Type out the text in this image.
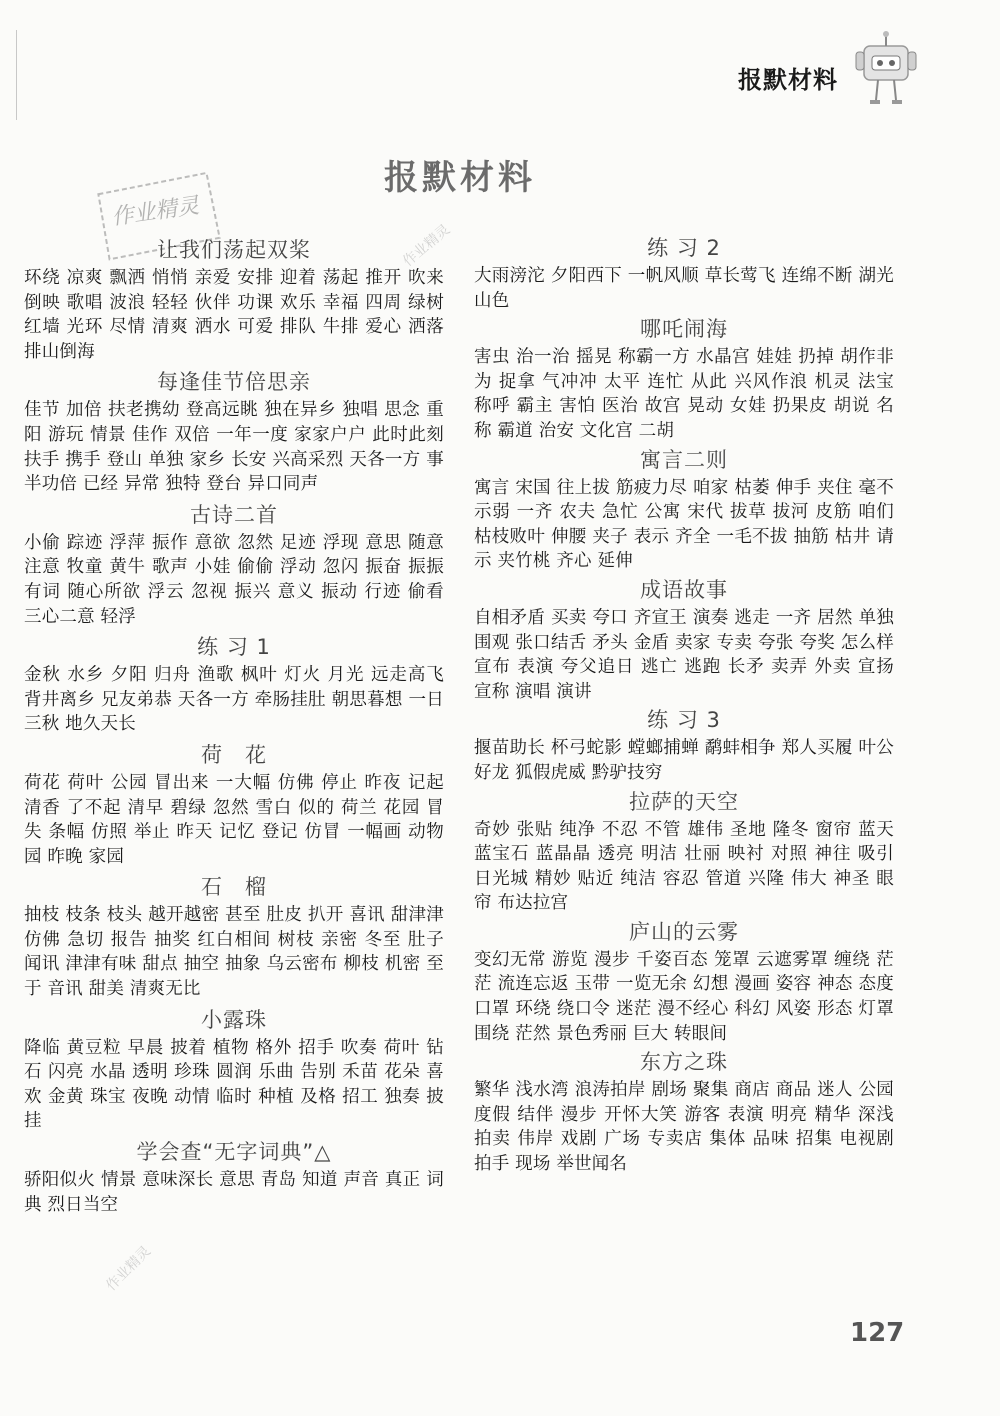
报默材料
报默材料
作业精灵
作业精灵
作业精灵
让我们荡起双桨
环绕 凉爽 飘洒 悄悄 亲爱 安排 迎着 荡起 推开 吹来 倒映 歌唱 波浪 轻轻 伙伴 功课 欢乐 幸福 四周 绿树红墙 光环 尽情 清爽 洒水 可爱 排队 牛排 爱心 洒落 排山倒海
每逢佳节倍思亲
佳节 加倍 扶老携幼 登高远眺 独在异乡 独唱 思念 重阳 游玩 情景 佳作 双倍 一年一度 家家户户 此时此刻 扶手 携手 登山 单独 家乡 长安 兴高采烈 天各一方 事半功倍 已经 异常 独特 登台 异口同声
古诗二首
小偷 踪迹 浮萍 振作 意欲 忽然 足迹 浮现 意思 随意 注意 牧童 黄牛 歌声 小娃 偷偷 浮动 忽闪 振奋 振振有词 随心所欲 浮云 忽视 振兴 意义 振动 行迹 偷看 三心二意 轻浮
练 习 1
金秋 水乡 夕阳 归舟 渔歌 枫叶 灯火 月光 远走高飞 背井离乡 兄友弟恭 天各一方 牵肠挂肚 朝思暮想 一日三秋 地久天长
荷　花
荷花 荷叶 公园 冒出来 一大幅 仿佛 停止 昨夜 记起 清香 了不起 清早 碧绿 忽然 雪白 似的 荷兰 花园 冒失 条幅 仿照 举止 昨天 记忆 登记 仿冒 一幅画 动物园 昨晚 家园
石　榴
抽枝 枝条 枝头 越开越密 甚至 肚皮 扒开 喜讯 甜津津 仿佛 急切 报告 抽奖 红白相间 树枝 亲密 冬至 肚子 闻讯 津津有味 甜点 抽空 抽象 乌云密布 柳枝 机密 至于 音讯 甜美 清爽无比
小露珠
降临 黄豆粒 早晨 披着 植物 格外 招手 吹奏 荷叶 钻石 闪亮 水晶 透明 珍珠 圆润 乐曲 告别 禾苗 花朵 喜欢 金黄 珠宝 夜晚 动情 临时 种植 及格 招工 独奏 披挂
学会查“无字词典”△
骄阳似火 情景 意味深长 意思 青岛 知道 声音 真正 词典 烈日当空
练 习 2
大雨滂沱 夕阳西下 一帆风顺 草长莺飞 连绵不断 湖光山色
哪吒闹海
害虫 治一治 摇晃 称霸一方 水晶宫 娃娃 扔掉 胡作非为 捉拿 气冲冲 太平 连忙 从此 兴风作浪 机灵 法宝 称呼 霸主 害怕 医治 故宫 晃动 女娃 扔果皮 胡说 名称 霸道 治安 文化宫 二胡
寓言二则
寓言 宋国 往上拔 筋疲力尽 咱家 枯萎 伸手 夹住 毫不示弱 一齐 农夫 急忙 公寓 宋代 拔草 拔河 皮筋 咱们 枯枝败叶 伸腰 夹子 表示 齐全 一毛不拔 抽筋 枯井 请示 夹竹桃 齐心 延伸
成语故事
自相矛盾 买卖 夸口 齐宣王 演奏 逃走 一齐 居然 单独 围观 张口结舌 矛头 金盾 卖家 专卖 夸张 夸奖 怎么样 宣布 表演 夸父追日 逃亡 逃跑 长矛 卖弄 外卖 宣扬 宣称 演唱 演讲
练 习 3
揠苗助长 杯弓蛇影 螳螂捕蝉 鹬蚌相争 郑人买履 叶公好龙 狐假虎威 黔驴技穷
拉萨的天空
奇妙 张贴 纯净 不忍 不管 雄伟 圣地 隆冬 窗帘 蓝天 蓝宝石 蓝晶晶 透亮 明洁 壮丽 映衬 对照 神往 吸引 日光城 精妙 贴近 纯洁 容忍 管道 兴隆 伟大 神圣 眼帘 布达拉宫
庐山的云雾
变幻无常 游览 漫步 千姿百态 笼罩 云遮雾罩 缠绕 茫茫 流连忘返 玉带 一览无余 幻想 漫画 姿容 神态 态度 口罩 环绕 绕口令 迷茫 漫不经心 科幻 风姿 形态 灯罩 围绕 茫然 景色秀丽 巨大 转眼间
东方之珠
繁华 浅水湾 浪涛拍岸 剧场 聚集 商店 商品 迷人 公园 度假 结伴 漫步 开怀大笑 游客 表演 明亮 精华 深浅 拍卖 伟岸 戏剧 广场 专卖店 集体 品味 招集 电视剧 拍手 现场 举世闻名
127
